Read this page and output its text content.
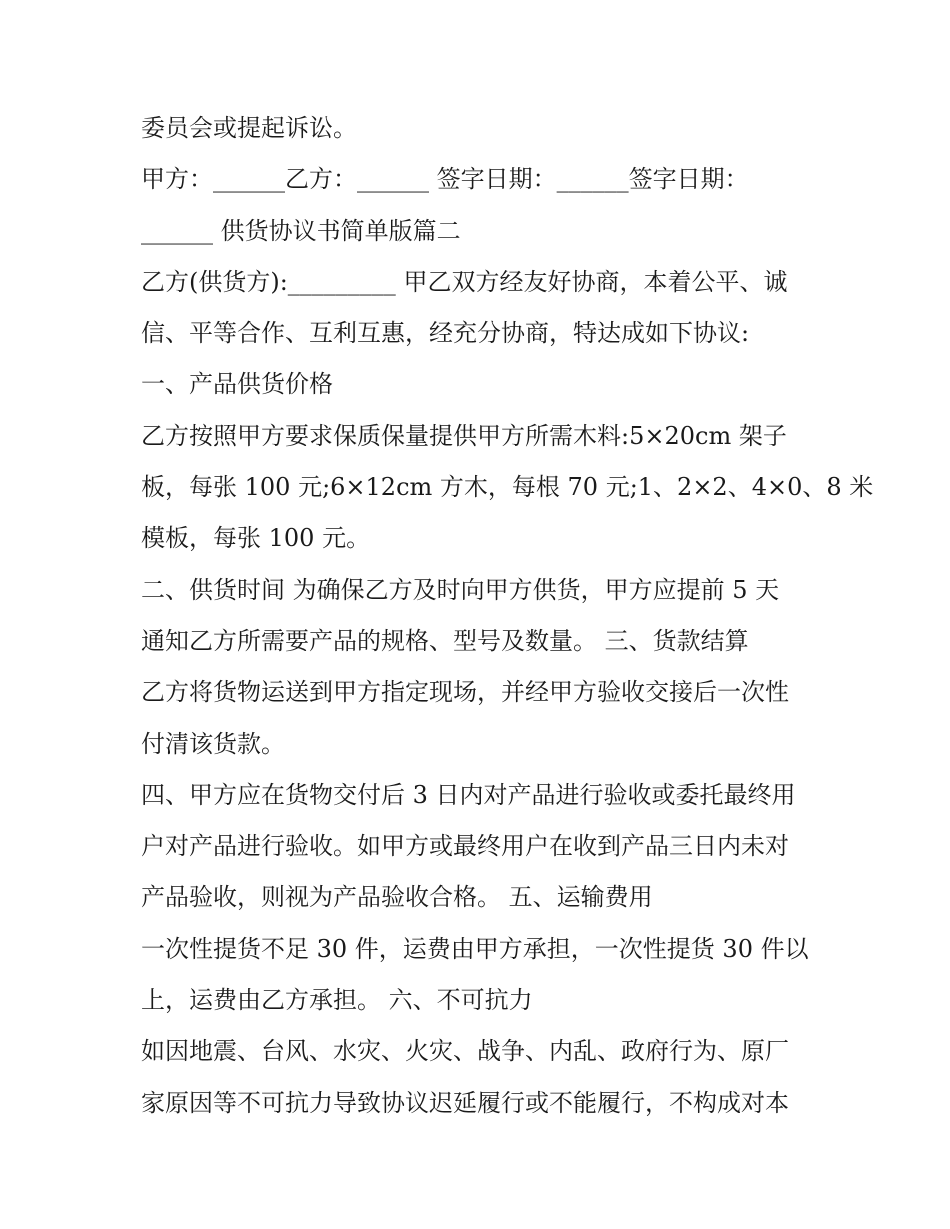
委员会或提起诉讼。
甲方：______乙方：______ 签字日期：______签字日期：
______ 供货协议书简单版篇二
乙方(供货方):_________ 甲乙双方经友好协商，本着公平、诚
信、平等合作、互利互惠，经充分协商，特达成如下协议:
一、产品供货价格
乙方按照甲方要求保质保量提供甲方所需木料:5×20cm 架子
板，每张 100 元;6×12cm 方木，每根 70 元;1、2×2、4×0、8 米
模板，每张 100 元。
二、供货时间 为确保乙方及时向甲方供货，甲方应提前 5 天
通知乙方所需要产品的规格、型号及数量。 三、货款结算
乙方将货物运送到甲方指定现场，并经甲方验收交接后一次性
付清该货款。
四、甲方应在货物交付后 3 日内对产品进行验收或委托最终用
户对产品进行验收。如甲方或最终用户在收到产品三日内未对
产品验收，则视为产品验收合格。 五、运输费用
一次性提货不足 30 件，运费由甲方承担，一次性提货 30 件以
上，运费由乙方承担。 六、不可抗力
如因地震、台风、水灾、火灾、战争、内乱、政府行为、原厂
家原因等不可抗力导致协议迟延履行或不能履行，不构成对本
